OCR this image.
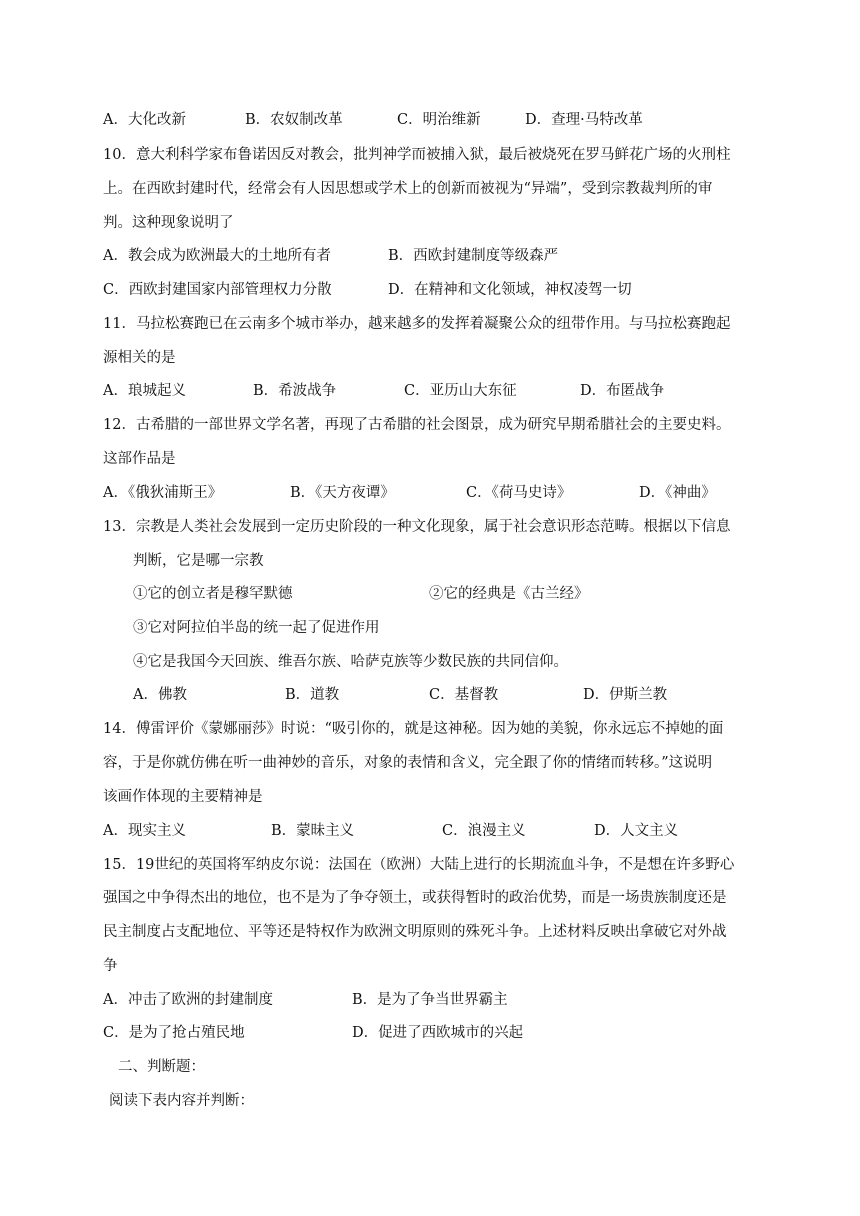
A．大化改新	B．农奴制改革	C．明治维新	D．查理·马特改革
10．意大利科学家布鲁诺因反对教会，批判神学而被捕入狱，最后被烧死在罗马鲜花广场的火刑柱
上。在西欧封建时代，经常会有人因思想或学术上的创新而被视为“异端”，受到宗教裁判所的审
判。这种现象说明了
A．教会成为欧洲最大的土地所有者	B．西欧封建制度等级森严
C．西欧封建国家内部管理权力分散	D．在精神和文化领域，神权凌驾一切
11．马拉松赛跑已在云南多个城市举办，越来越多的发挥着凝聚公众的纽带作用。与马拉松赛跑起
源相关的是
A．琅城起义	B．希波战争	C．亚历山大东征	D．布匿战争
12．古希腊的一部世界文学名著，再现了古希腊的社会图景，成为研究早期希腊社会的主要史料。
这部作品是
A．《俄狄浦斯王》	B．《天方夜谭》	C．《荷马史诗》	D．《神曲》
13．宗教是人类社会发展到一定历史阶段的一种文化现象，属于社会意识形态范畴。根据以下信息
判断，它是哪一宗教
①它的创立者是穆罕默德	②它的经典是《古兰经》
③它对阿拉伯半岛的统一起了促进作用
④它是我国今天回族、维吾尔族、哈萨克族等少数民族的共同信仰。
A．佛教	B．道教	C．基督教	D．伊斯兰教
14．傅雷评价《蒙娜丽莎》时说：“吸引你的，就是这神秘。因为她的美貌，你永远忘不掉她的面
容，于是你就仿佛在听一曲神妙的音乐，对象的表情和含义，完全跟了你的情绪而转移。”这说明
该画作体现的主要精神是
A．现实主义	B．蒙昧主义	C．浪漫主义	D．人文主义
15．19世纪的英国将军纳皮尔说：法国在（欧洲）大陆上进行的长期流血斗争，不是想在许多野心
强国之中争得杰出的地位，也不是为了争夺领土，或获得暂时的政治优势，而是一场贵族制度还是
民主制度占支配地位、平等还是特权作为欧洲文明原则的殊死斗争。上述材料反映出拿破它对外战
争
A．冲击了欧洲的封建制度	B．是为了争当世界霸主
C．是为了抢占殖民地	D．促进了西欧城市的兴起
二、判断题：
阅读下表内容并判断：
